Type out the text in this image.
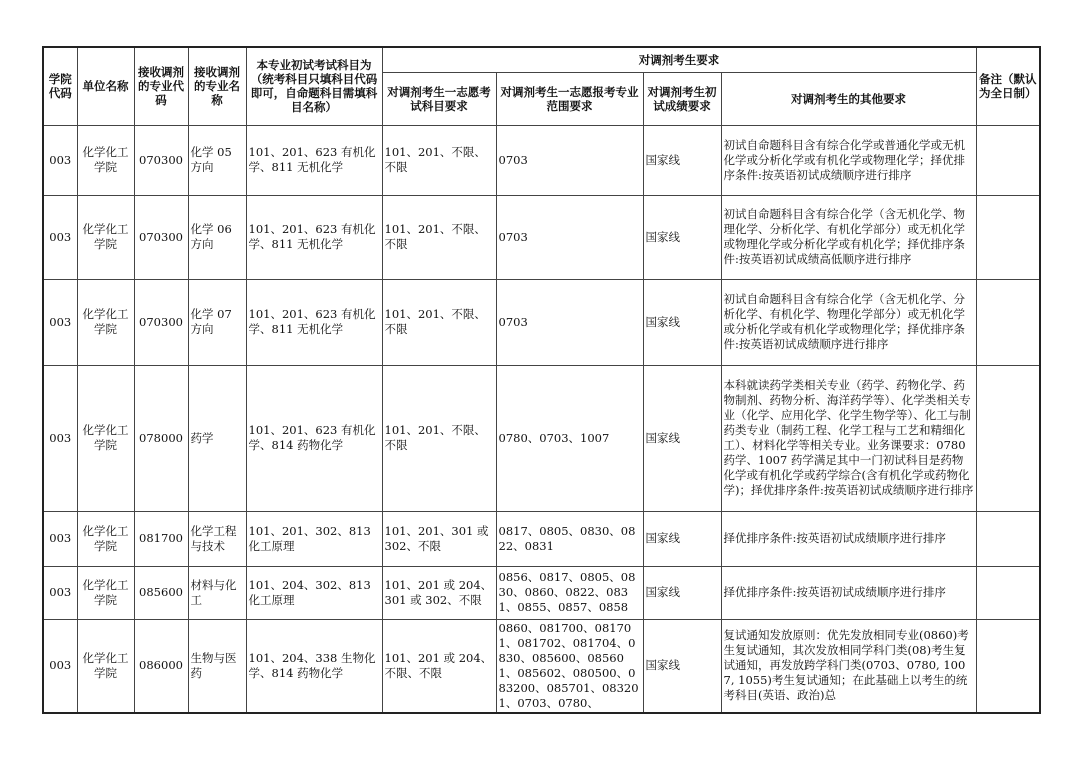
学院代码	单位名称	接收调剂的专业代码	接收调剂的专业名称	本专业初试考试科目为（统考科目只填科目代码即可，自命题科目需填科目名称）	对调剂考生要求				备注（默认为全日制）
					对调剂考生一志愿考试科目要求	对调剂考生一志愿报考专业范围要求	对调剂考生初试成绩要求	对调剂考生的其他要求	
003	化学化工学院	070300	化学 05 方向	101、201、623 有机化学、811 无机化学	101、201、不限、不限	0703	国家线	初试自命题科目含有综合化学或普通化学或无机化学或分析化学或有机化学或物理化学；择优排序条件:按英语初试成绩顺序进行排序	
003	化学化工学院	070300	化学 06 方向	101、201、623 有机化学、811 无机化学	101、201、不限、不限	0703	国家线	初试自命题科目含有综合化学（含无机化学、物理化学、分析化学、有机化学部分）或无机化学或物理化学或分析化学或有机化学；择优排序条件:按英语初试成绩高低顺序进行排序	
003	化学化工学院	070300	化学 07 方向	101、201、623 有机化学、811 无机化学	101、201、不限、不限	0703	国家线	初试自命题科目含有综合化学（含无机化学、分析化学、有机化学、物理化学部分）或无机化学或分析化学或有机化学或物理化学；择优排序条件:按英语初试成绩顺序进行排序	
003	化学化工学院	078000	药学	101、201、623 有机化学、814 药物化学	101、201、不限、不限	0780、0703、1007	国家线	本科就读药学类相关专业（药学、药物化学、药物制剂、药物分析、海洋药学等）、化学类相关专业（化学、应用化学、化学生物学等）、化工与制药类专业（制药工程、化学工程与工艺和精细化工）、材料化学等相关专业。业务课要求：0780 药学、1007 药学满足其中一门初试科目是药物化学或有机化学或药学综合(含有机化学或药物化学)；择优排序条件:按英语初试成绩顺序进行排序	
003	化学化工学院	081700	化学工程与技术	101、201、302、813 化工原理	101、201、301 或 302、不限	0817、0805、0830、0822、0831	国家线	择优排序条件:按英语初试成绩顺序进行排序	
003	化学化工学院	085600	材料与化工	101、204、302、813 化工原理	101、201 或 204、301 或 302、不限	0856、0817、0805、0830、0860、0822、0831、0855、0857、0858	国家线	择优排序条件:按英语初试成绩顺序进行排序	
003	化学化工学院	086000	生物与医药	101、204、338 生物化学、814 药物化学	101、201 或 204、不限、不限	0860、081700、081701、081702、081704、0830、085600、085601、085602、080500、083200、085701、083201、0703、0780、	国家线	复试通知发放原则：优先发放相同专业(0860)考生复试通知，其次发放相同学科门类(08)考生复试通知，再发放跨学科门类(0703、0780, 1007, 1055)考生复试通知；在此基础上以考生的统考科目(英语、政治)总	
